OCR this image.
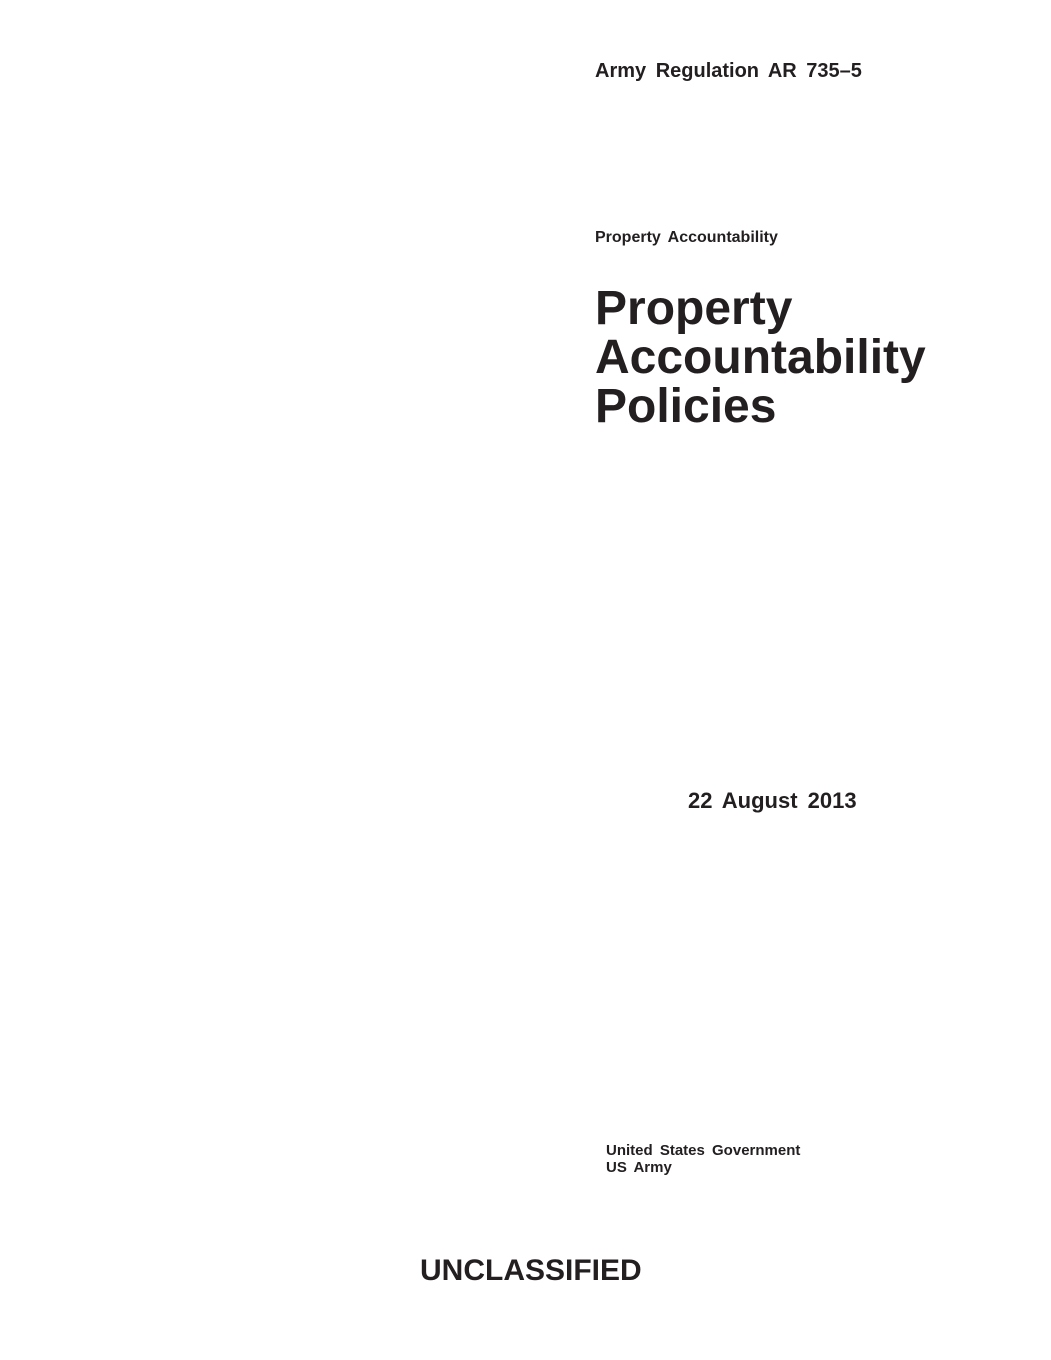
Army Regulation AR 735–5
Property Accountability
Property
Accountability
Policies
22 August 2013
United States Government
US Army
UNCLASSIFIED
